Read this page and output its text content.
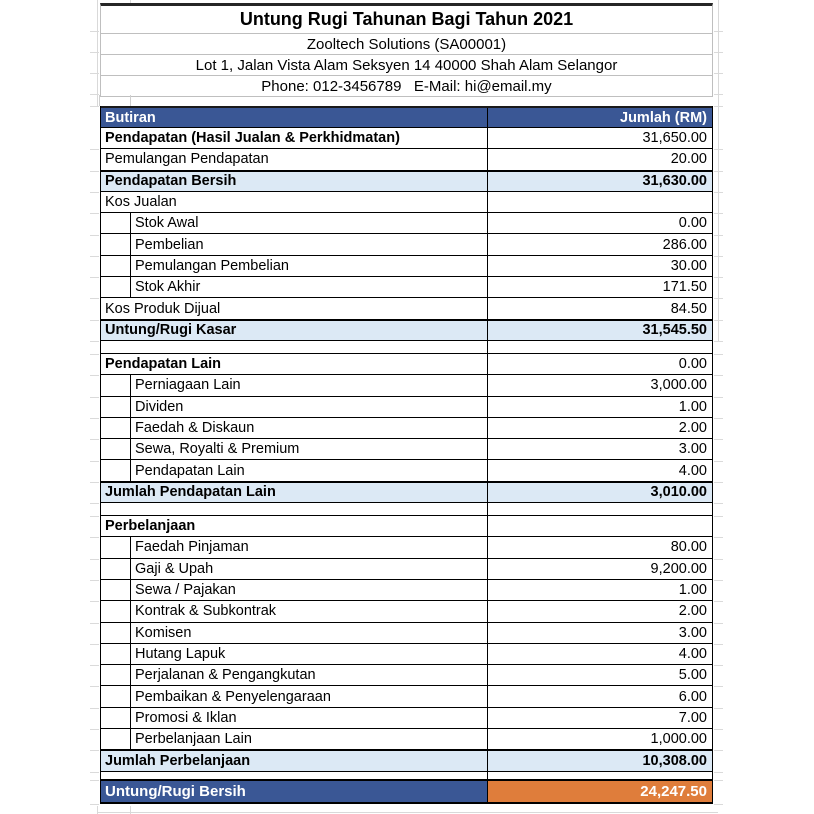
Untung Rugi Tahunan Bagi Tahun 2021
Zooltech Solutions (SA00001)
Lot 1, Jalan Vista Alam Seksyen 14 40000 Shah Alam Selangor
Phone: 012-3456789   E-Mail: hi@email.my
Butiran	Jumlah (RM)
Pendapatan (Hasil Jualan & Perkhidmatan)	31,650.00
Pemulangan Pendapatan	20.00
Pendapatan Bersih	31,630.00
Kos Jualan
Stok Awal	0.00
Pembelian	286.00
Pemulangan Pembelian	30.00
Stok Akhir	171.50
Kos Produk Dijual	84.50
Untung/Rugi Kasar	31,545.50
Pendapatan Lain	0.00
Perniagaan Lain	3,000.00
Dividen	1.00
Faedah & Diskaun	2.00
Sewa, Royalti & Premium	3.00
Pendapatan Lain	4.00
Jumlah Pendapatan Lain	3,010.00
Perbelanjaan
Faedah Pinjaman	80.00
Gaji & Upah	9,200.00
Sewa / Pajakan	1.00
Kontrak & Subkontrak	2.00
Komisen	3.00
Hutang Lapuk	4.00
Perjalanan & Pengangkutan	5.00
Pembaikan & Penyelengaraan	6.00
Promosi & Iklan	7.00
Perbelanjaan Lain	1,000.00
Jumlah Perbelanjaan	10,308.00
Untung/Rugi Bersih	24,247.50
